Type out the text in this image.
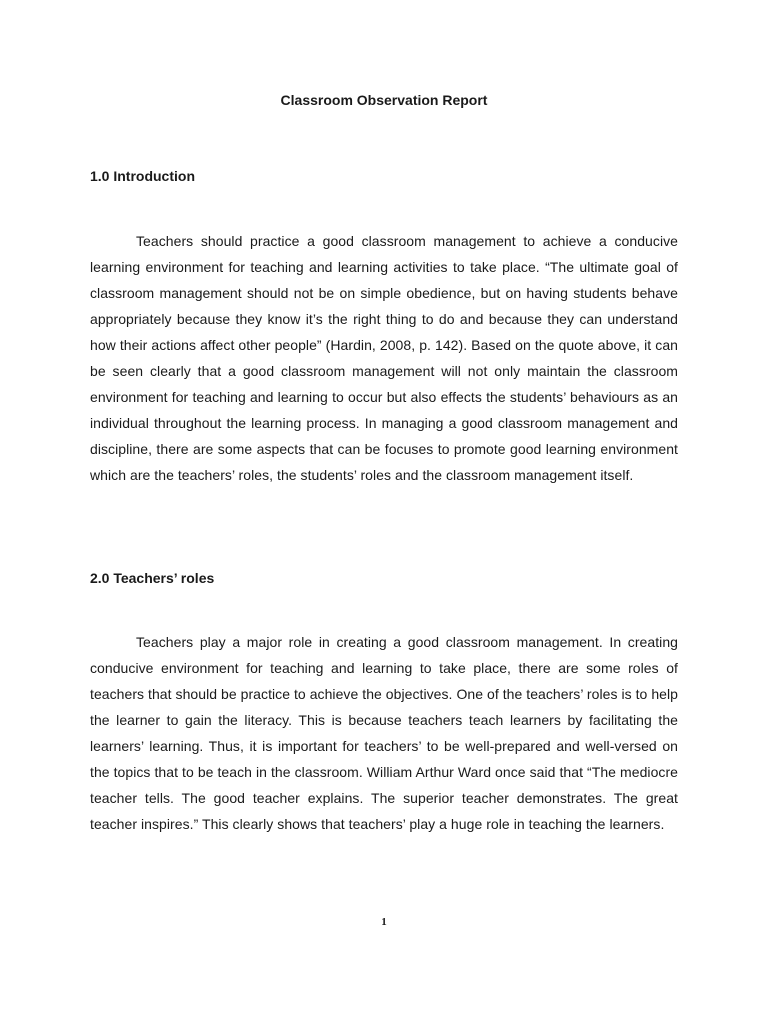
Classroom Observation Report
1.0 Introduction

Teachers should practice a good classroom management to achieve a conducive learning environment for teaching and learning activities to take place. “The ultimate goal of classroom management should not be on simple obedience, but on having students behave appropriately because they know it’s the right thing to do and because they can understand how their actions affect other people” (Hardin, 2008, p. 142). Based on the quote above, it can be seen clearly that a good classroom management will not only maintain the classroom environment for teaching and learning to occur but also effects the students’ behaviours as an individual throughout the learning process. In managing a good classroom management and discipline, there are some aspects that can be focuses to promote good learning environment which are the teachers’ roles, the students’ roles and the classroom management itself.

2.0 Teachers’ roles

Teachers play a major role in creating a good classroom management. In creating conducive environment for teaching and learning to take place, there are some roles of teachers that should be practice to achieve the objectives. One of the teachers’ roles is to help the learner to gain the literacy. This is because teachers teach learners by facilitating the learners’ learning. Thus, it is important for teachers’ to be well-prepared and well-versed on the topics that to be teach in the classroom. William Arthur Ward once said that “The mediocre teacher tells. The good teacher explains. The superior teacher demonstrates. The great teacher inspires.” This clearly shows that teachers’ play a huge role in teaching the learners.

1
